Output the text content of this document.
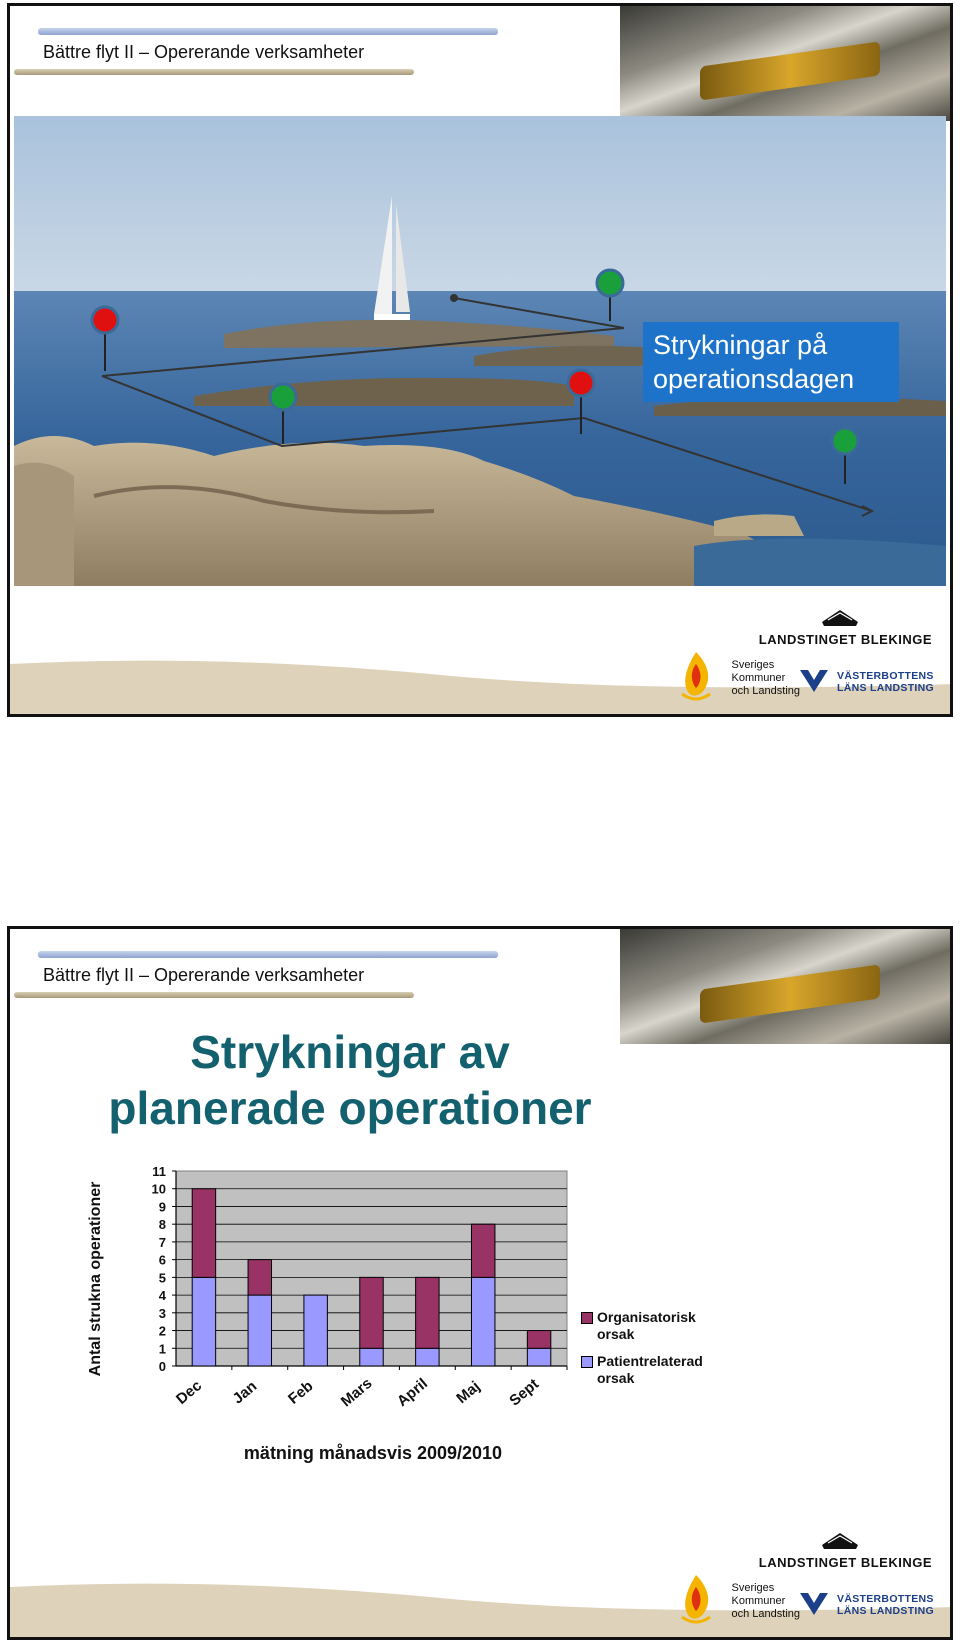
Bättre flyt II – Opererande verksamheter
Strykningar på
operationsdagen
LANDSTINGET BLEKINGE
Sveriges
Kommuner
och Landsting
VÄSTERBOTTENS
LÄNS LANDSTING
Bättre flyt II – Opererande verksamheter
Strykningar av
planerade operationer
0
1
2
3
4
5
6
7
8
9
10
11
Dec Jan Feb Mars April Maj Sept
Antal strukna operationer
mätning månadsvis 2009/2010
Organisatorisk orsak
Patientrelaterad orsak
LANDSTINGET BLEKINGE
Sveriges
Kommuner
och Landsting
VÄSTERBOTTENS
LÄNS LANDSTING
